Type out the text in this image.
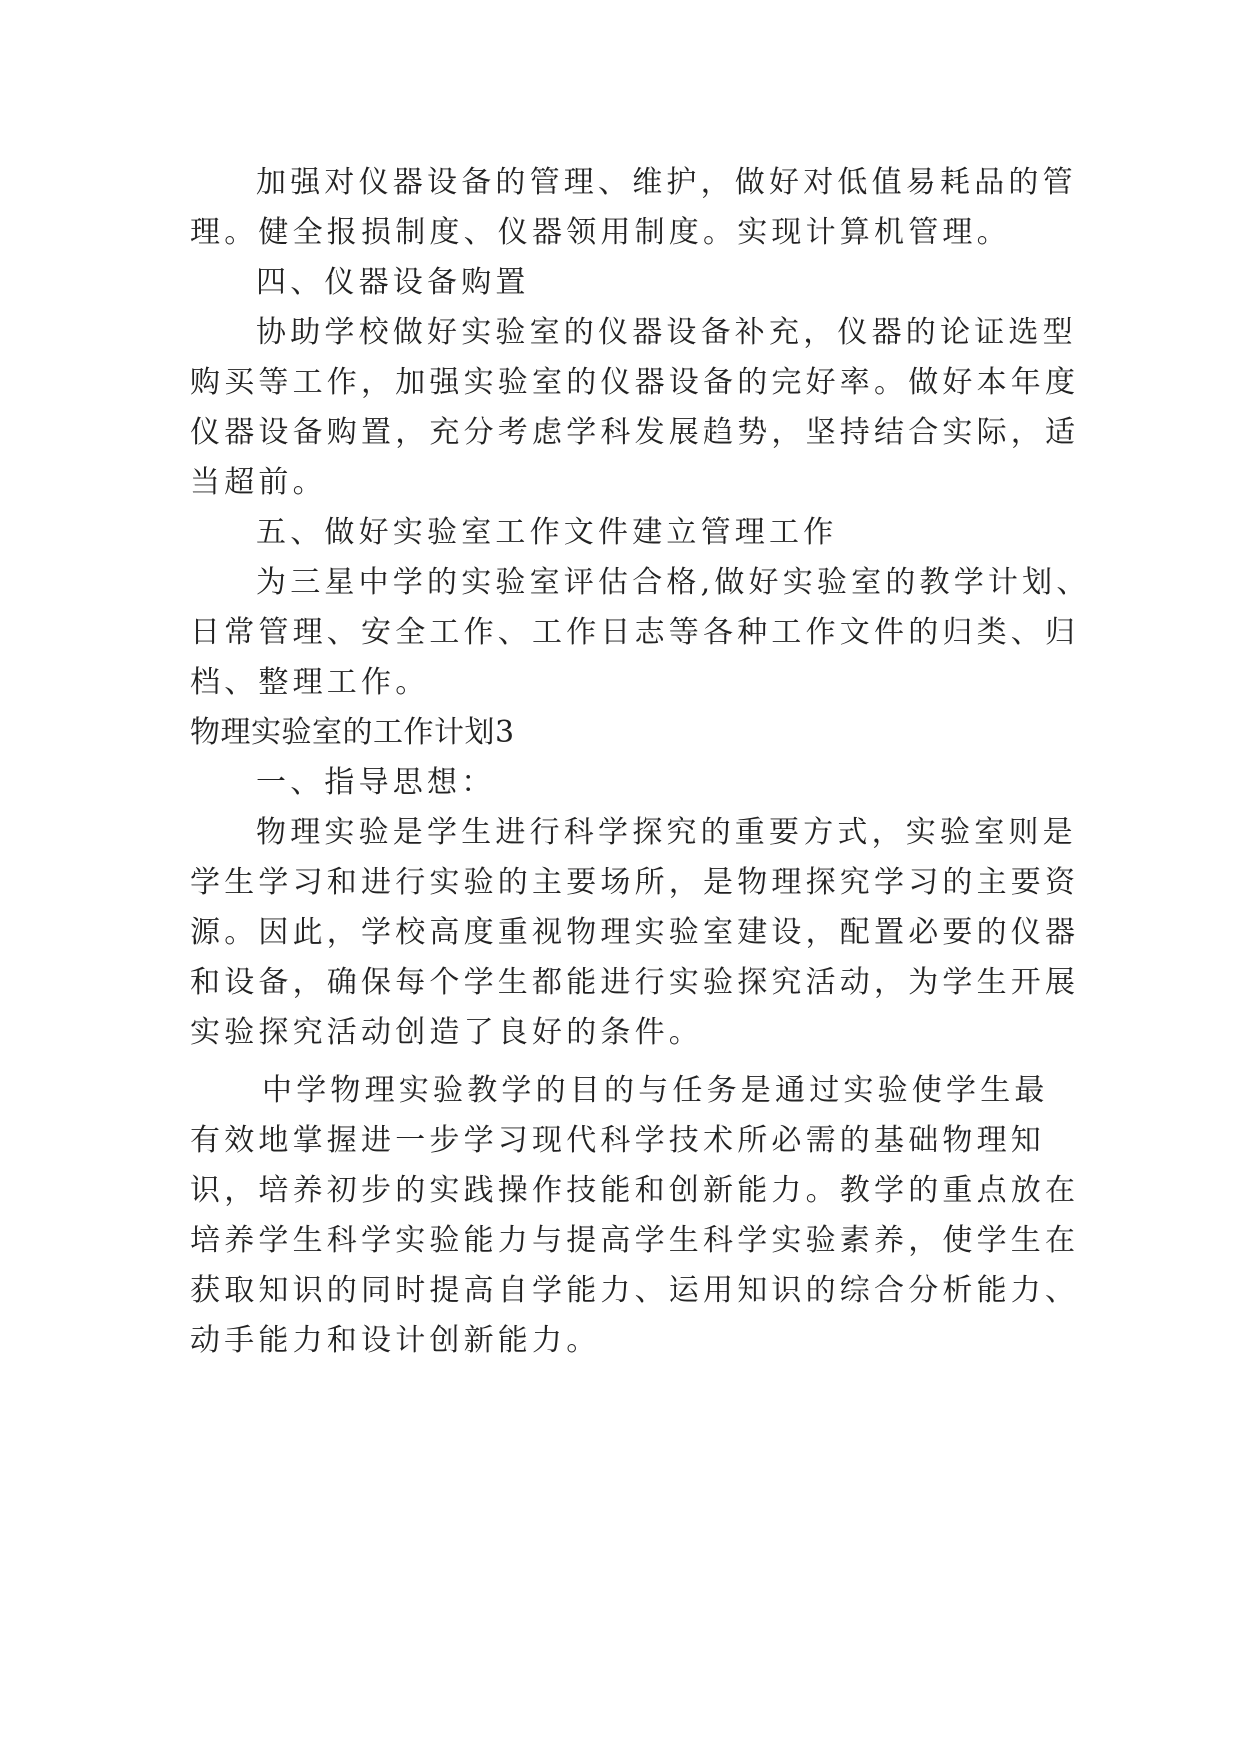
加强对仪器设备的管理、维护，做好对低值易耗品的管

理。健全报损制度、仪器领用制度。实现计算机管理。

四、仪器设备购置

协助学校做好实验室的仪器设备补充，仪器的论证选型

购买等工作，加强实验室的仪器设备的完好率。做好本年度

仪器设备购置，充分考虑学科发展趋势，坚持结合实际，适

当超前。

五、做好实验室工作文件建立管理工作

为三星中学的实验室评估合格,做好实验室的教学计划、

日常管理、安全工作、工作日志等各种工作文件的归类、归

档、整理工作。

物理实验室的工作计划3

一、指导思想：

物理实验是学生进行科学探究的重要方式，实验室则是

学生学习和进行实验的主要场所，是物理探究学习的主要资

源。因此，学校高度重视物理实验室建设，配置必要的仪器

和设备，确保每个学生都能进行实验探究活动，为学生开展

实验探究活动创造了良好的条件。

中学物理实验教学的目的与任务是通过实验使学生最

有效地掌握进一步学习现代科学技术所必需的基础物理知

识，培养初步的实践操作技能和创新能力。教学的重点放在

培养学生科学实验能力与提高学生科学实验素养，使学生在

获取知识的同时提高自学能力、运用知识的综合分析能力、

动手能力和设计创新能力。
